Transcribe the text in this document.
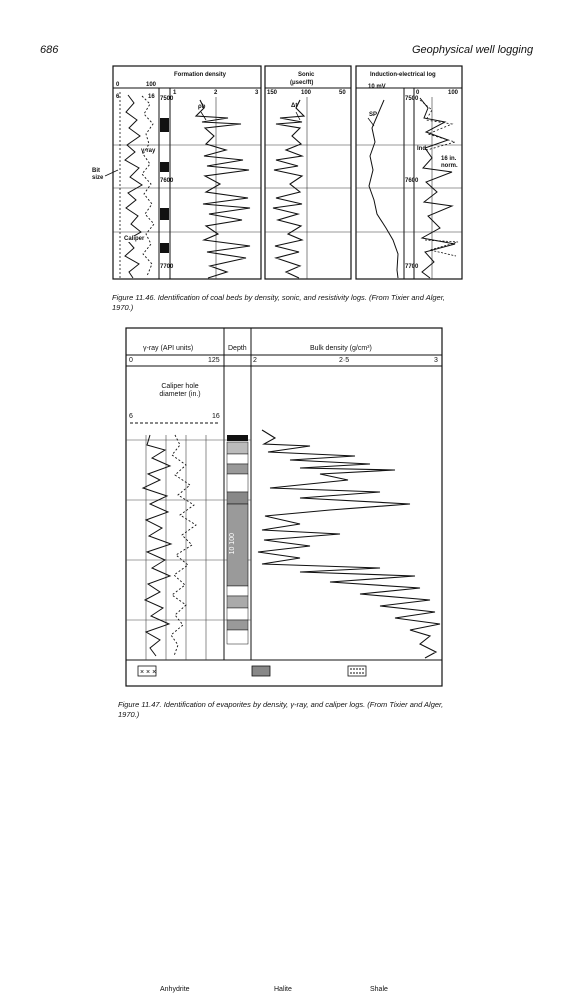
686	Geophysical well logging
Formation density
0	100
6	16
1	2	3
ρb
γ-ray
Bit size
Caliper
7500
7600
7700
Sonic
(μsec/ft)
150	100	50
Δt
Induction-electrical log
10 mV
SP
0	100
Ind.
16 in. norm.
7500
7600
7700
Figure 11.46. Identification of coal beds by density, sonic, and resistivity logs. (From Tixier and Alger, 1970.)
× × ×
γ-ray (API units)	Depth	Bulk density (g/cm³)
0	125	2	2·5	3
Caliper hole diameter (in.)
6	16
10 100
Anhydrite	Halite	Shale
Figure 11.47. Identification of evaporites by density, γ-ray, and caliper logs. (From Tixier and Alger, 1970.)
